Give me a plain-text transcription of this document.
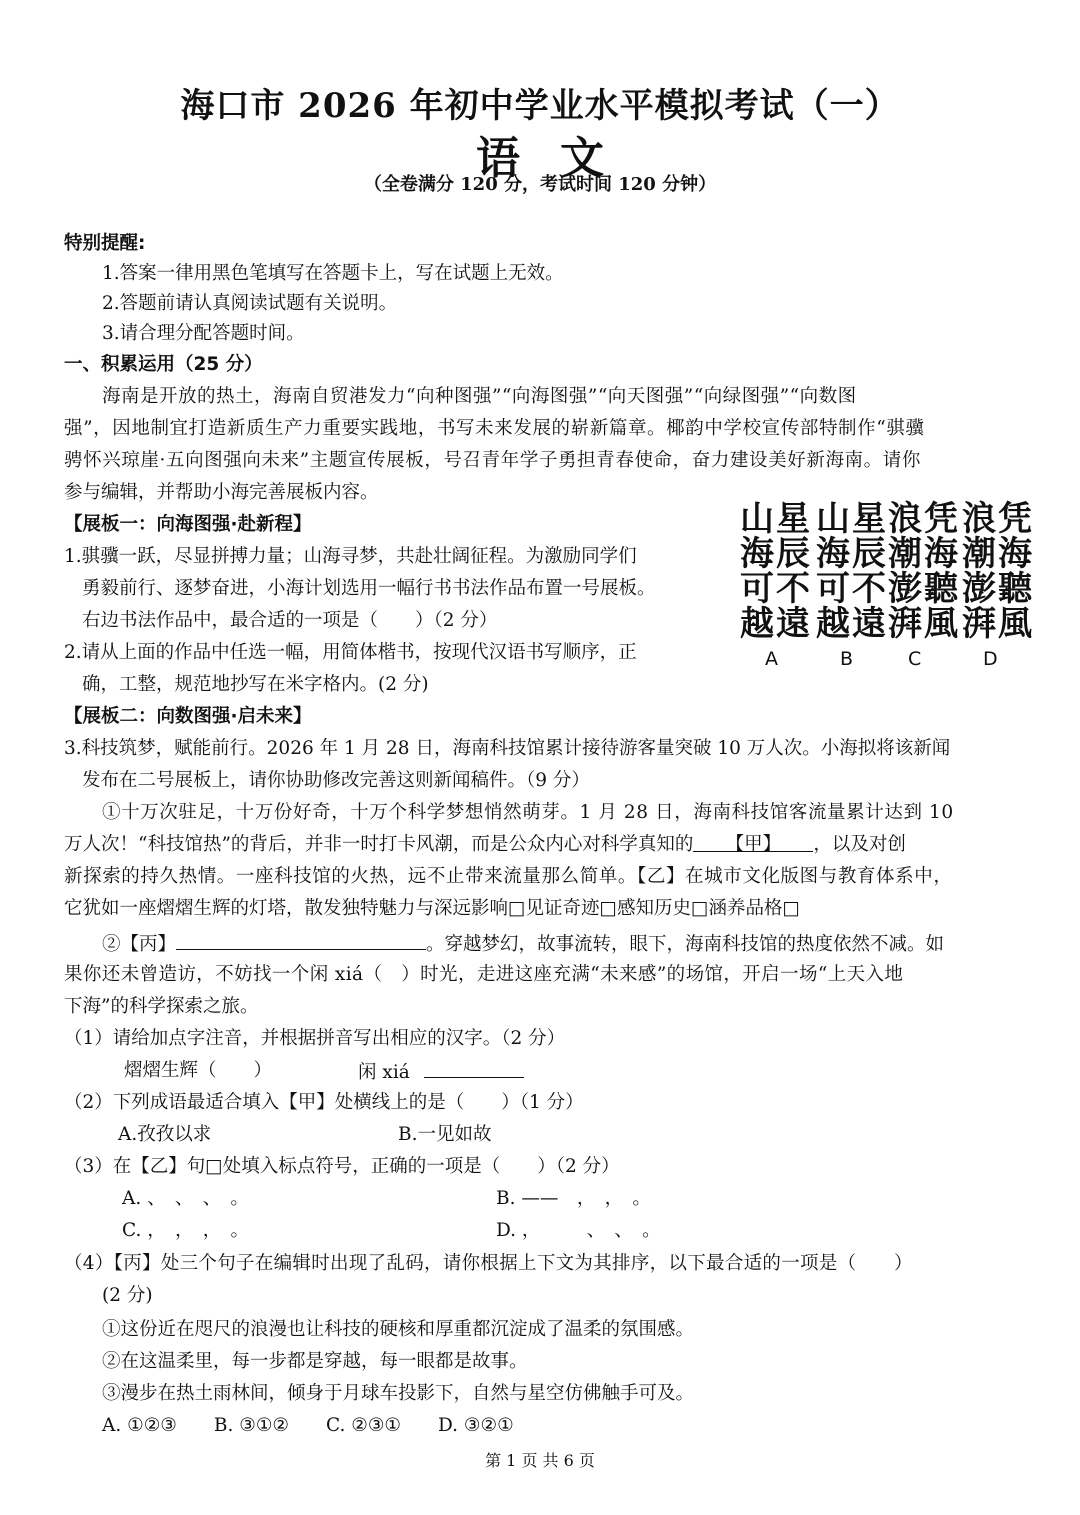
海口市 2026 年初中学业水平模拟考试（一）
语文
（全卷满分 120 分，考试时间 120 分钟）
特别提醒:
1.答案一律用黑色笔填写在答题卡上，写在试题上无效。
2.答题前请认真阅读试题有关说明。
3.请合理分配答题时间。
一、积累运用（25 分）
海南是开放的热土，海南自贸港发力“向种图强”“向海图强”“向天图强”“向绿图强”“向数图
强”，因地制宜打造新质生产力重要实践地，书写未来发展的崭新篇章。椰韵中学校宣传部特制作“骐骥
骋怀兴琼崖·五向图强向未来”主题宣传展板，号召青年学子勇担青春使命，奋力建设美好新海南。请你
参与编辑，并帮助小海完善展板内容。
【展板一：向海图强·赴新程】
1.骐骥一跃，尽显拼搏力量；山海寻梦，共赴壮阔征程。为激励同学们
勇毅前行、逐梦奋进，小海计划选用一幅行书书法作品布置一号展板。
右边书法作品中，最合适的一项是（　　）（2 分）
2.请从上面的作品中任选一幅，用简体楷书，按现代汉语书写顺序，正
确，工整，规范地抄写在米字格内。(2 分)
山海可越
星辰不遠
山海可越
星辰不遠
浪潮澎湃
凭海聽風
浪潮澎湃
凭海聽風
A	B	C	D
【展板二：向数图强·启未来】
3.科技筑梦，赋能前行。2026 年 1 月 28 日，海南科技馆累计接待游客量突破 10 万人次。小海拟将该新闻
发布在二号展板上，请你协助修改完善这则新闻稿件。（9 分）
①十万次驻足，十万份好奇，十万个科学梦想悄然萌芽。1 月 28 日，海南科技馆客流量累计达到 10
万人次！“科技馆热”的背后，并非一时打卡风潮，而是公众内心对科学真知的 【甲】 ，以及对创
新探索的持久热情。一座科技馆的火热，远不止带来流量那么简单。【乙】在城市文化版图与教育体系中，
它犹如一座熠熠生辉的灯塔，散发独特魅力与深远影响□见证奇迹□感知历史□涵养品格□
②【丙】	。穿越梦幻，故事流转，眼下，海南科技馆的热度依然不减。如
果你还未曾造访，不妨找一个闲 xiá（　）时光，走进这座充满“未来感”的场馆，开启一场“上天入地
下海”的科学探索之旅。
（1）请给加点字注音，并根据拼音写出相应的汉字。（2 分）
熠熠生辉（　　）	闲 xiá
（2）下列成语最适合填入【甲】处横线上的是（　　）（1 分）
A.孜孜以求	B.一见如故
（3）在【乙】句□处填入标点符号，正确的一项是（　　）（2 分）
A. 、　、　、　。	B. ——　，　，　。
C. ，　，　，　。	D. ，　　　、　、　。
（4）【丙】处三个句子在编辑时出现了乱码，请你根据上下文为其排序，以下最合适的一项是（　　）
(2 分)
①这份近在咫尺的浪漫也让科技的硬核和厚重都沉淀成了温柔的氛围感。
②在这温柔里，每一步都是穿越，每一眼都是故事。
③漫步在热土雨林间，倾身于月球车投影下，自然与星空仿佛触手可及。
A. ①②③　　B. ③①②　　C. ②③①　　D. ③②①
第 1 页 共 6 页
